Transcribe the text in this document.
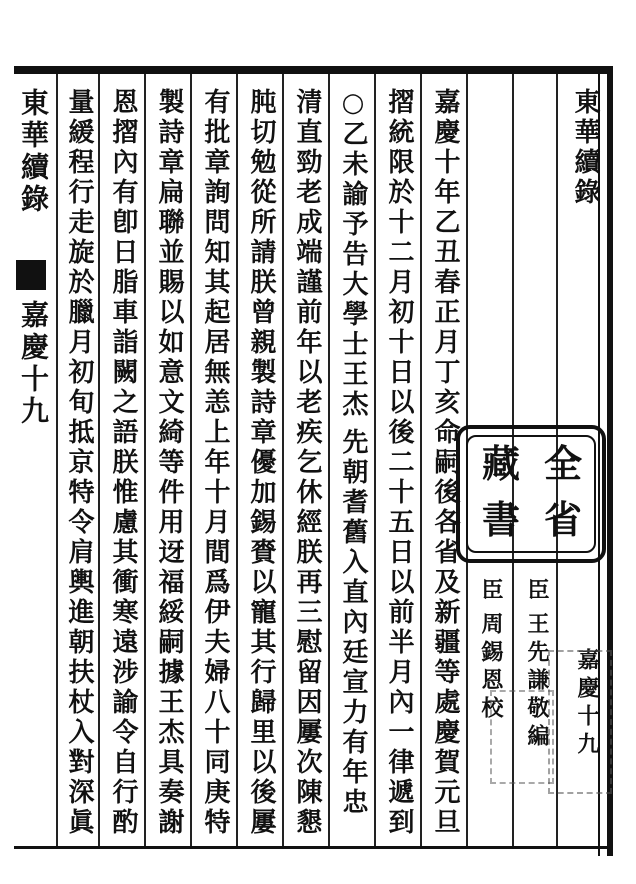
東華續錄
嘉慶十九
臣
王先謙敬編
臣
周錫恩校
全
省
藏
書
嘉慶十年乙丑春正月丁亥命嗣後各省及新疆等處慶賀元旦
摺統限於十二月初十日以後二十五日以前半月內一律遞到
○
乙未諭予告大學士王杰
先朝耆舊入直內廷宣力有年忠
清直勁老成端謹前年以老疾乞休經朕再三慰留因屢次陳懇
肫切勉從所請朕曾親製詩章優加錫賚以寵其行歸里以後屢
有批章詢問知其起居無恙上年十月間爲伊夫婦八十同庚特
製詩章扁聯並賜以如意文綺等件用迓福綏嗣據王杰具奏謝
恩摺內有卽日脂車詣闕之語朕惟慮其衝寒遠涉諭令自行酌
量緩程行走旋於臘月初旬抵京特令肩輿進朝扶杖入對深眞
東華續錄
嘉慶十九
